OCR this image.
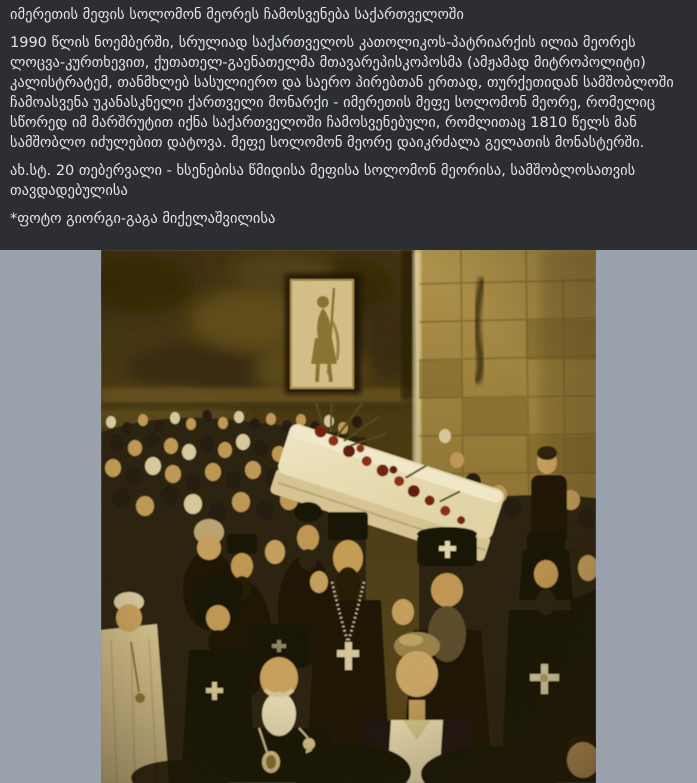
იმერეთის მეფის სოლომონ მეორეს ჩამოსვენება საქართველოში

1990 წლის ნოემბერში, სრულიად საქართველოს კათოლიკოს-პატრიარქის ილია მეორეს ლოცვა-კურთხევით, ქუთათელ-გაენათელმა მთავარეპისკოპოსმა (ამჟამად მიტროპოლიტი) კალისტრატემ, თანმხლებ სასულიერო და საერო პირებთან ერთად, თურქეთიდან სამშობლოში ჩამოასვენა უკანასკნელი ქართველი მონარქი - იმერეთის მეფე სოლომონ მეორე, რომელიც სწორედ იმ მარშრუტით იქნა საქართველოში ჩამოსვენებული, რომლითაც 1810 წელს მან სამშობლო იძულებით დატოვა. მეფე სოლომონ მეორე დაიკრძალა გელათის მონასტერში.

ახ.სტ. 20 თებერვალი - ხსენებისა წმიდისა მეფისა სოლომონ მეორისა, სამშობლოსათვის თავდადებულისა

*ფოტო გიორგი-გაგა მიქელაშვილისა
